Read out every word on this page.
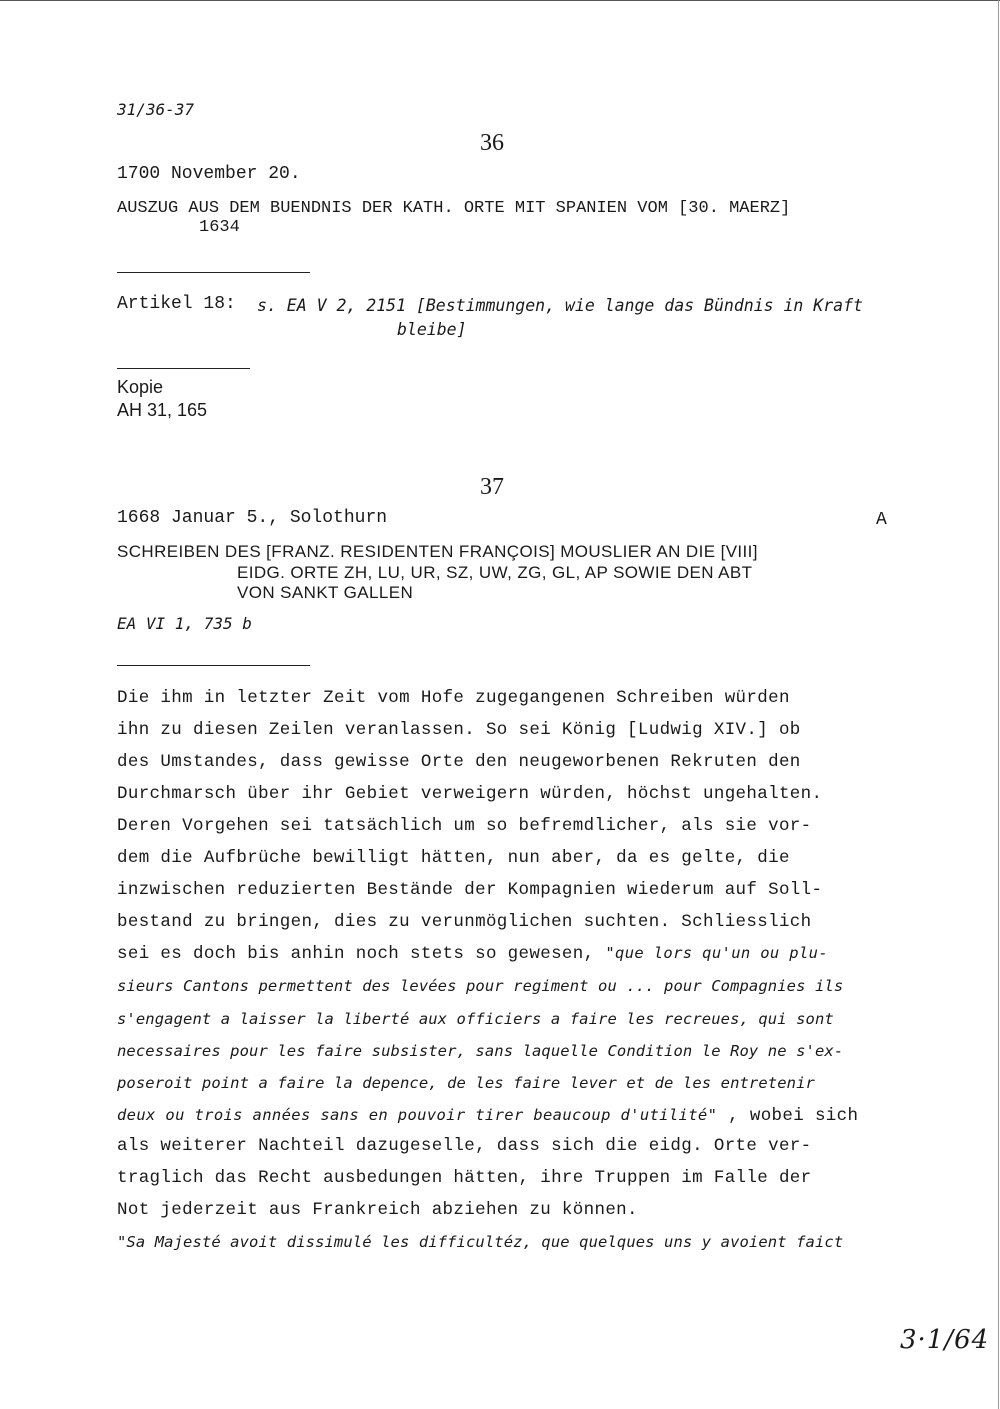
31/36-37
36
1700 November 20.
AUSZUG AUS DEM BUENDNIS DER KATH. ORTE MIT SPANIEN VOM [30. MAERZ]
1634
Artikel 18: s. EA V 2, 2151 [Bestimmungen, wie lange das Bündnis in Kraft
bleibe]
Kopie
AH 31, 165
37
1668 Januar 5., Solothurn	A
SCHREIBEN DES [FRANZ. RESIDENTEN FRANÇOIS] MOUSLIER AN DIE [VIII]
EIDG. ORTE ZH, LU, UR, SZ, UW, ZG, GL, AP SOWIE DEN ABT
VON SANKT GALLEN
EA VI 1, 735 b
Die ihm in letzter Zeit vom Hofe zugegangenen Schreiben würden
ihn zu diesen Zeilen veranlassen. So sei König [Ludwig XIV.] ob
des Umstandes, dass gewisse Orte den neugeworbenen Rekruten den
Durchmarsch über ihr Gebiet verweigern würden, höchst ungehalten.
Deren Vorgehen sei tatsächlich um so befremdlicher, als sie vor-
dem die Aufbrüche bewilligt hätten, nun aber, da es gelte, die
inzwischen reduzierten Bestände der Kompagnien wiederum auf Soll-
bestand zu bringen, dies zu verunmöglichen suchten. Schliesslich
sei es doch bis anhin noch stets so gewesen, "que lors qu'un ou plu-
sieurs Cantons permettent des levées pour regiment ou ... pour Compagnies ils
s'engagent a laisser la liberté aux officiers a faire les recreues, qui sont
necessaires pour les faire subsister, sans laquelle Condition le Roy ne s'ex-
poseroit point a faire la depence, de les faire lever et de les entretenir
deux ou trois années sans en pouvoir tirer beaucoup d'utilité" , wobei sich
als weiterer Nachteil dazugeselle, dass sich die eidg. Orte ver-
traglich das Recht ausbedungen hätten, ihre Truppen im Falle der
Not jederzeit aus Frankreich abziehen zu können.
"Sa Majesté avoit dissimulé les difficultéz, que quelques uns y avoient faict
3·1/64
